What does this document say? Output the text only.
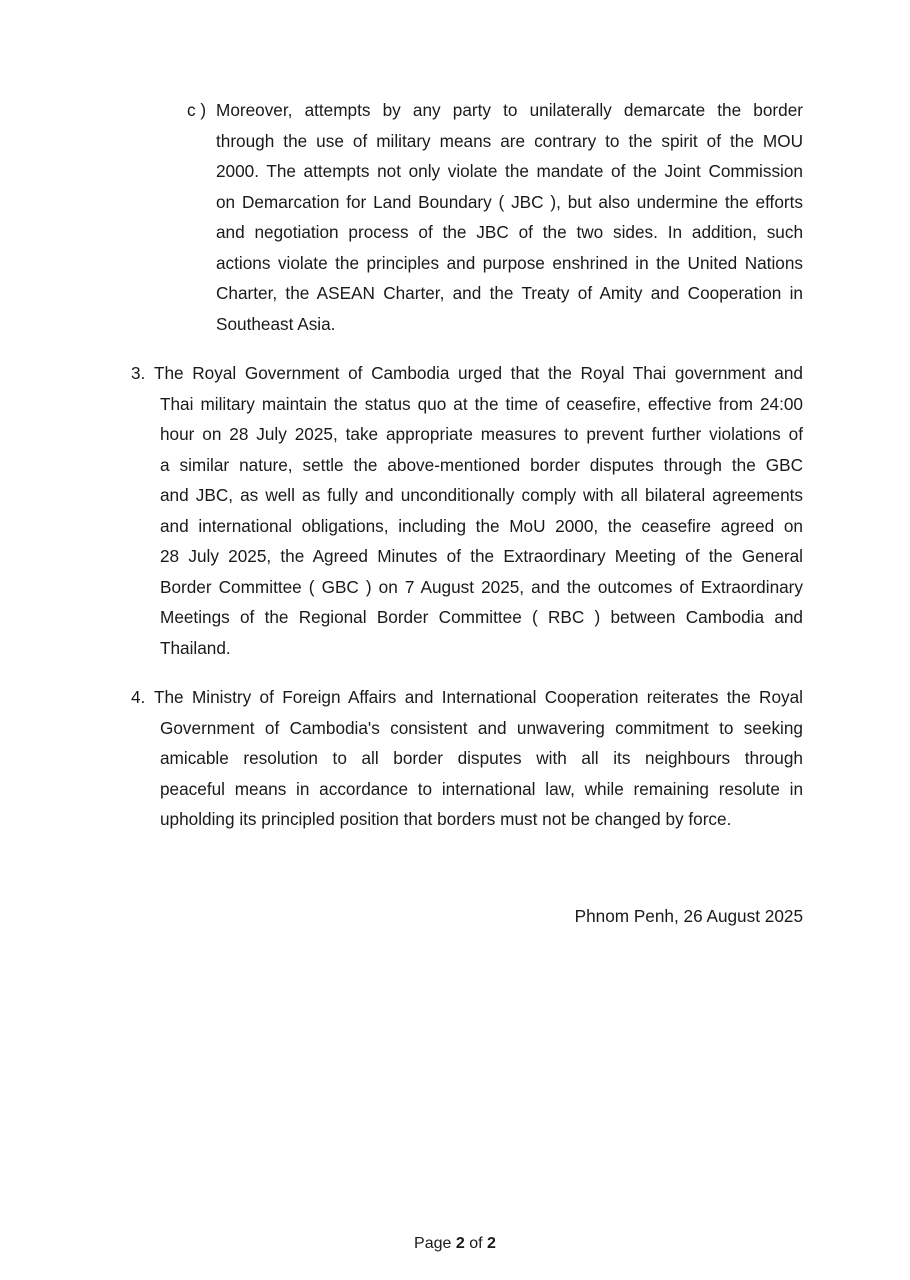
c ) Moreover, attempts by any party to unilaterally demarcate the border
through the use of military means are contrary to the spirit of the MOU
2000. The attempts not only violate the mandate of the Joint Commission
on Demarcation for Land Boundary ( JBC ), but also undermine the efforts
and negotiation process of the JBC of the two sides. In addition, such
actions violate the principles and purpose enshrined in the United Nations
Charter, the ASEAN Charter, and the Treaty of Amity and Cooperation in
Southeast Asia.
3. The Royal Government of Cambodia urged that the Royal Thai government and
Thai military maintain the status quo at the time of ceasefire, effective from 24:00
hour on 28 July 2025, take appropriate measures to prevent further violations of
a similar nature, settle the above-mentioned border disputes through the GBC
and JBC, as well as fully and unconditionally comply with all bilateral agreements
and international obligations, including the MoU 2000, the ceasefire agreed on
28 July 2025, the Agreed Minutes of the Extraordinary Meeting of the General
Border Committee ( GBC ) on 7 August 2025, and the outcomes of Extraordinary
Meetings of the Regional Border Committee ( RBC ) between Cambodia and
Thailand.
4. The Ministry of Foreign Affairs and International Cooperation reiterates the Royal
Government of Cambodia's consistent and unwavering commitment to seeking
amicable resolution to all border disputes with all its neighbours through
peaceful means in accordance to international law, while remaining resolute in
upholding its principled position that borders must not be changed by force.
Phnom Penh, 26 August 2025
Page 2 of 2
